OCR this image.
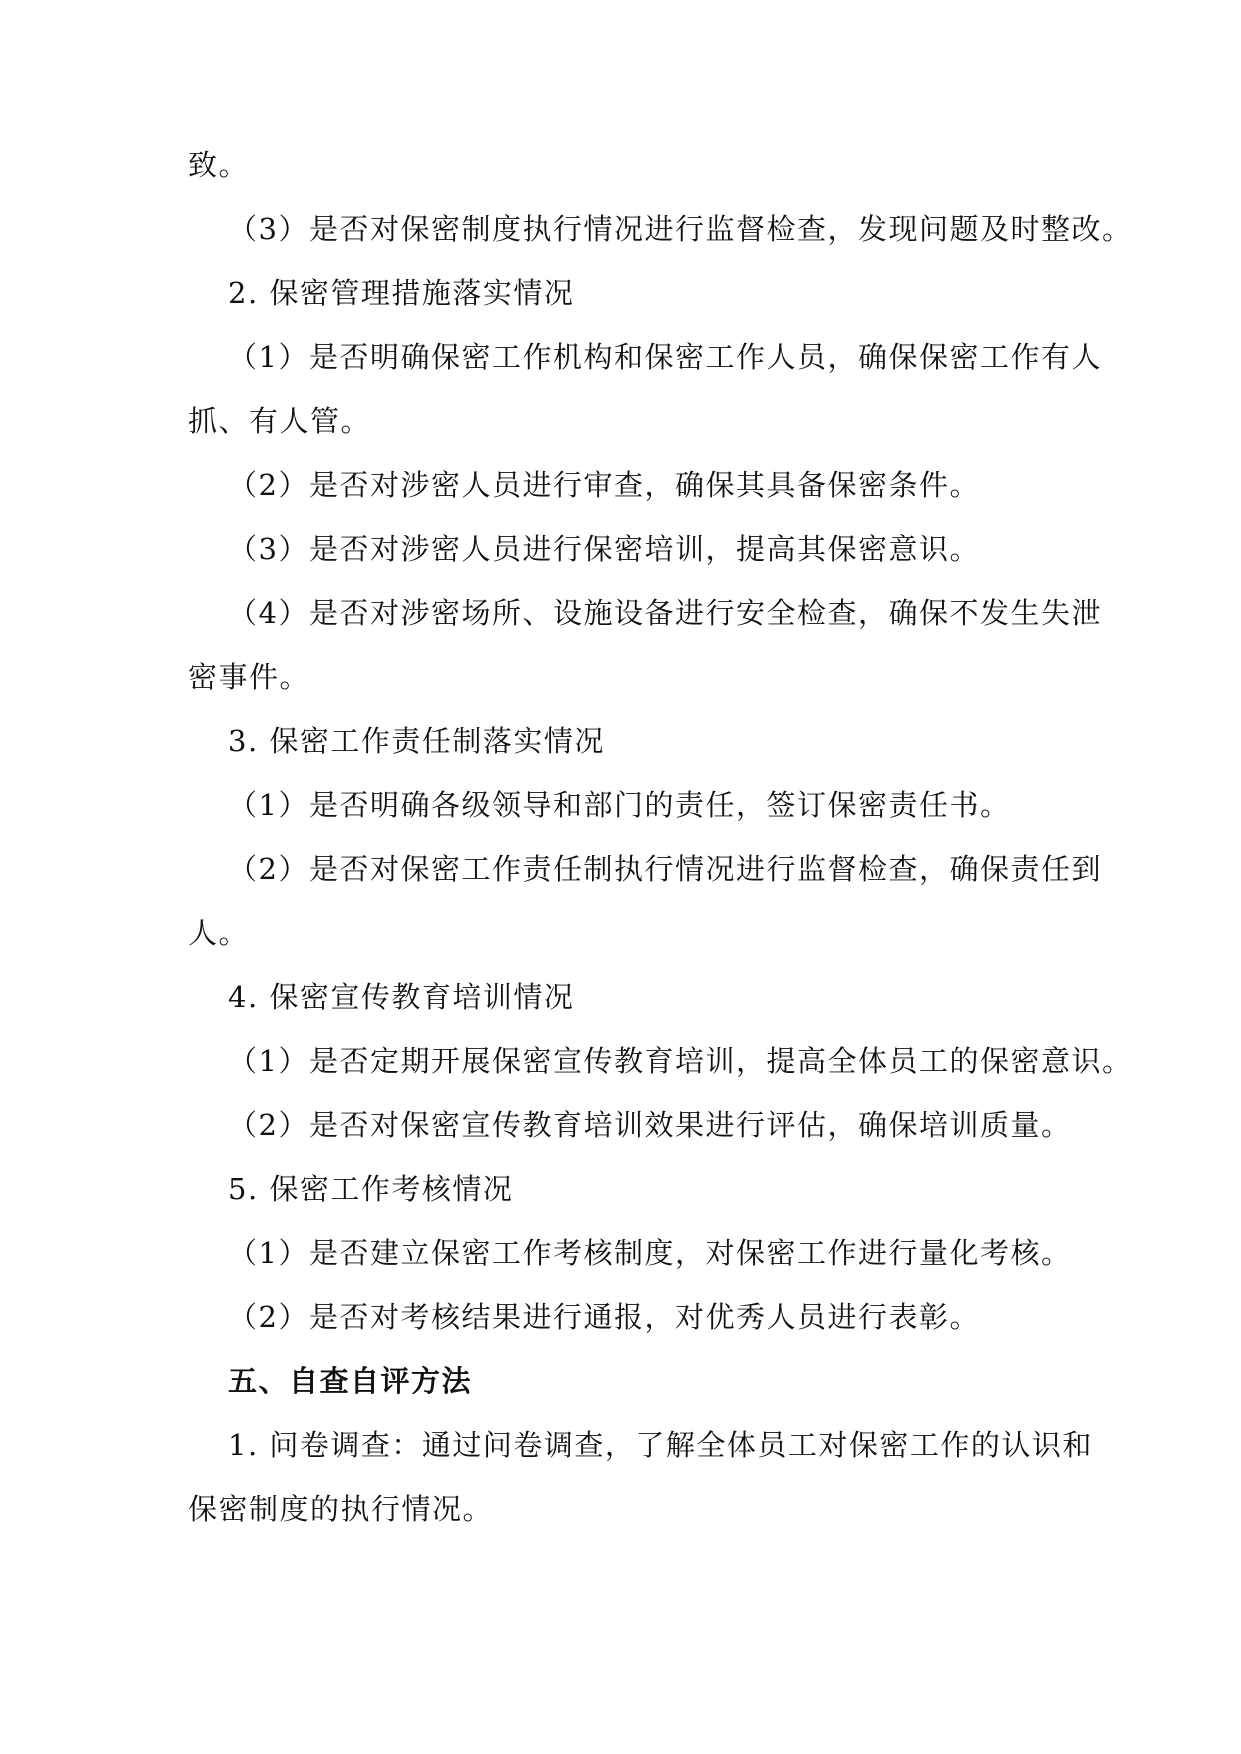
致。
（3）是否对保密制度执行情况进行监督检查，发现问题及时整改。
2. 保密管理措施落实情况
（1）是否明确保密工作机构和保密工作人员，确保保密工作有人
抓、有人管。
（2）是否对涉密人员进行审查，确保其具备保密条件。
（3）是否对涉密人员进行保密培训，提高其保密意识。
（4）是否对涉密场所、设施设备进行安全检查，确保不发生失泄
密事件。
3. 保密工作责任制落实情况
（1）是否明确各级领导和部门的责任，签订保密责任书。
（2）是否对保密工作责任制执行情况进行监督检查，确保责任到
人。
4. 保密宣传教育培训情况
（1）是否定期开展保密宣传教育培训，提高全体员工的保密意识。
（2）是否对保密宣传教育培训效果进行评估，确保培训质量。
5. 保密工作考核情况
（1）是否建立保密工作考核制度，对保密工作进行量化考核。
（2）是否对考核结果进行通报，对优秀人员进行表彰。
五、自查自评方法
1. 问卷调查：通过问卷调查，了解全体员工对保密工作的认识和
保密制度的执行情况。
